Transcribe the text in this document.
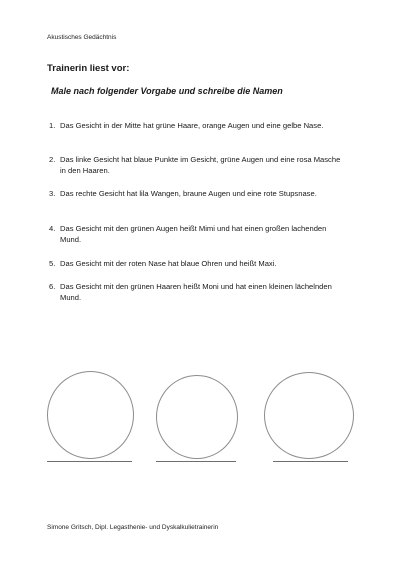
Akustisches Gedächtnis
Trainerin liest vor:
Male nach folgender Vorgabe und schreibe die Namen
1. Das Gesicht in der Mitte hat grüne Haare, orange Augen und eine gelbe Nase.
2. Das linke Gesicht hat blaue Punkte im Gesicht, grüne Augen und eine rosa Masche in den Haaren.
3. Das rechte Gesicht hat lila Wangen, braune Augen und eine rote Stupsnase.
4. Das Gesicht mit den grünen Augen heißt Mimi und hat einen großen lachenden Mund.
5. Das Gesicht mit der roten Nase hat blaue Ohren und heißt Maxi.
6. Das Gesicht mit den grünen Haaren heißt Moni und hat einen kleinen lächelnden Mund.
Simone Gritsch, Dipl. Legasthenie- und Dyskalkulietrainerin
